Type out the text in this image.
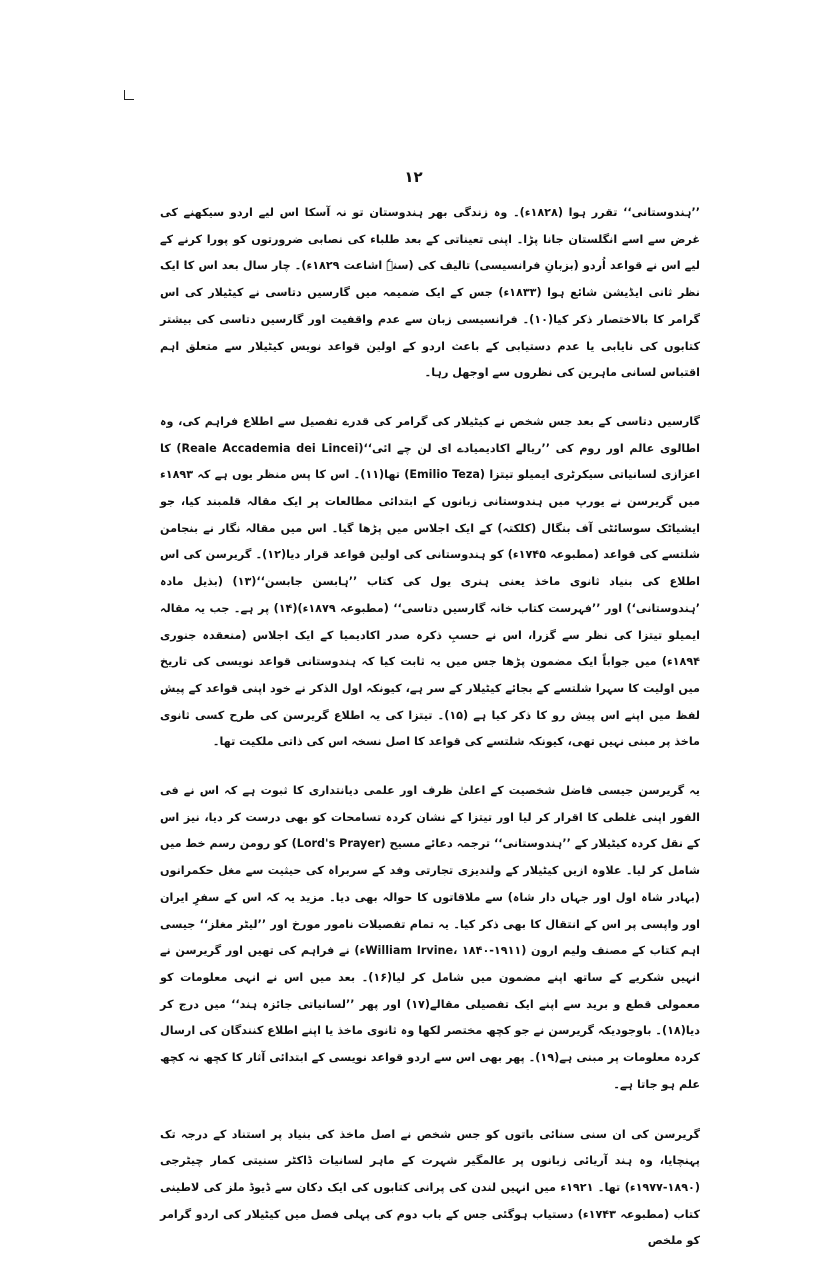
۱۲

’’ہندوستانی‘‘ تقرر ہوا (۱۸۲۸ء)۔ وہ زندگی بھر ہندوستان تو نہ آسکا اس لیے اردو سیکھنے کی غرض سے اسے انگلستان جانا پڑا۔ اپنی تعیناتی کے بعد طلباء کی نصابی ضرورتوں کو پورا کرنے کے لیے اس نے قواعد اُردو (بزبانِ فرانسیسی) تالیف کی (سنہٗ اشاعت ۱۸۲۹ء)۔ چار سال بعد اس کا ایک نظر ثانی ایڈیشن شائع ہوا (۱۸۳۳ء) جس کے ایک ضمیمہ میں گارسیں دتاسی نے کیٹیلار کی اس گرامر کا بالاختصار ذکر کیا(۱۰)۔ فرانسیسی زبان سے عدم واقفیت اور گارسیں دتاسی کی بیشتر کتابوں کی نایابی یا عدم دستیابی کے باعث اردو کے اولین قواعد نویس کیٹیلار سے متعلق اہم اقتباس لسانی ماہرین کی نظروں سے اوجھل رہا۔

گارسیں دتاسی کے بعد جس شخص نے کیٹیلار کی گرامر کی قدرے تفصیل سے اطلاع فراہم کی، وہ اطالوی عالم اور روم کی ’’ریالے اکادیمیادے ای لن چے ائی‘‘(Reale Accademia dei Lincei) کا اعزازی لسانیاتی سیکرٹری ایمیلو تیتزا (Emilio Teza) تھا(۱۱)۔ اس کا پس منظر یوں ہے کہ ۱۸۹۳ء میں گریرسن نے یورپ میں ہندوستانی زبانوں کے ابتدائی مطالعات پر ایک مقالہ قلمبند کیا، جو ایشیاٹک سوسائٹی آف بنگال (کلکتہ) کے ایک اجلاس میں پڑھا گیا۔ اس میں مقالہ نگار نے بنجامن شلتسے کی قواعد (مطبوعہ ۱۷۴۵ء) کو ہندوستانی کی اولین قواعد قرار دیا(۱۲)۔ گریرسن کی اس اطلاع کی بنیاد ثانوی ماخذ یعنی ہنری یول کی کتاب ’’ہابسن جابسن‘‘(۱۳) (بذیل مادہ ’ہندوستانی‘) اور ’’فہرست کتاب خانہ گارسیں دتاسی‘‘ (مطبوعہ ۱۸۷۹ء)(۱۴) پر ہے۔ جب یہ مقالہ ایمیلو تیتزا کی نظر سے گزرا، اس نے حسبِ ذکرہ صدر اکادیمیا کے ایک اجلاس (منعقدہ جنوری ۱۸۹۴ء) میں جواباً ایک مضمون پڑھا جس میں یہ ثابت کیا کہ ہندوستانی قواعد نویسی کی تاریخ میں اولیت کا سہرا شلتسے کے بجائے کیٹیلار کے سر ہے، کیونکہ اول الذکر نے خود اپنی قواعد کے پیش لفظ میں اپنے اس پیش رو کا ذکر کیا ہے (۱۵)۔ تیتزا کی یہ اطلاع گریرسن کی طرح کسی ثانوی ماخذ پر مبنی نہیں تھی، کیونکہ شلتسے کی قواعد کا اصل نسخہ اس کی ذاتی ملکیت تھا۔

یہ گریرسن جیسی فاضل شخصیت کے اعلیٰ ظرف اور علمی دیانتداری کا ثبوت ہے کہ اس نے فی الفور اپنی غلطی کا اقرار کر لیا اور تیتزا کے نشان کردہ تسامحات کو بھی درست کر دیا، نیز اس کے نقل کردہ کیٹیلار کے ’’ہندوستانی‘‘ ترجمہ دعائے مسیح (Lord's Prayer) کو رومن رسم خط میں شامل کر لیا۔ علاوہ ازیں کیٹیلار کے ولندیزی تجارتی وفد کے سربراہ کی حیثیت سے مغل حکمرانوں (بہادر شاہ اول اور جہاں دار شاہ) سے ملاقاتوں کا حوالہ بھی دیا۔ مزید یہ کہ اس کے سفرِ ایران اور واپسی پر اس کے انتقال کا بھی ذکر کیا۔ یہ تمام تفصیلات نامور مورخ اور ’’لیٹر مغلز‘‘ جیسی اہم کتاب کے مصنف ولیم ارون (William Irvine، ۱۸۴۰-۱۹۱۱ء) نے فراہم کی تھیں اور گریرسن نے انہیں شکریے کے ساتھ اپنے مضمون میں شامل کر لیا(۱۶)۔ بعد میں اس نے انہی معلومات کو معمولی قطع و برید سے اپنے ایک تفصیلی مقالے(۱۷) اور پھر ’’لسانیاتی جائزہ ہند‘‘ میں درج کر دیا(۱۸)۔ باوجودیکہ گریرسن نے جو کچھ مختصر لکھا وہ ثانوی ماخذ یا اپنے اطلاع کنندگان کی ارسال کردہ معلومات پر مبنی ہے(۱۹)۔ پھر بھی اس سے اردو قواعد نویسی کے ابتدائی آثار کا کچھ نہ کچھ علم ہو جاتا ہے۔

گریرسن کی ان سنی سنائی باتوں کو جس شخص نے اصل ماخذ کی بنیاد پر استناد کے درجہ تک پہنچایا، وہ ہند آریائی زبانوں پر عالمگیر شہرت کے ماہر لسانیات ڈاکٹر سنیتی کمار چیٹرجی (۱۸۹۰-۱۹۷۷ء) تھا۔ ۱۹۲۱ء میں انہیں لندن کی پرانی کتابوں کی ایک دکان سے ڈیوڈ ملز کی لاطینی کتاب (مطبوعہ ۱۷۴۳ء) دستیاب ہوگئی جس کے باب دوم کی پہلی فصل میں کیٹیلار کی اردو گرامر کو ملخص
